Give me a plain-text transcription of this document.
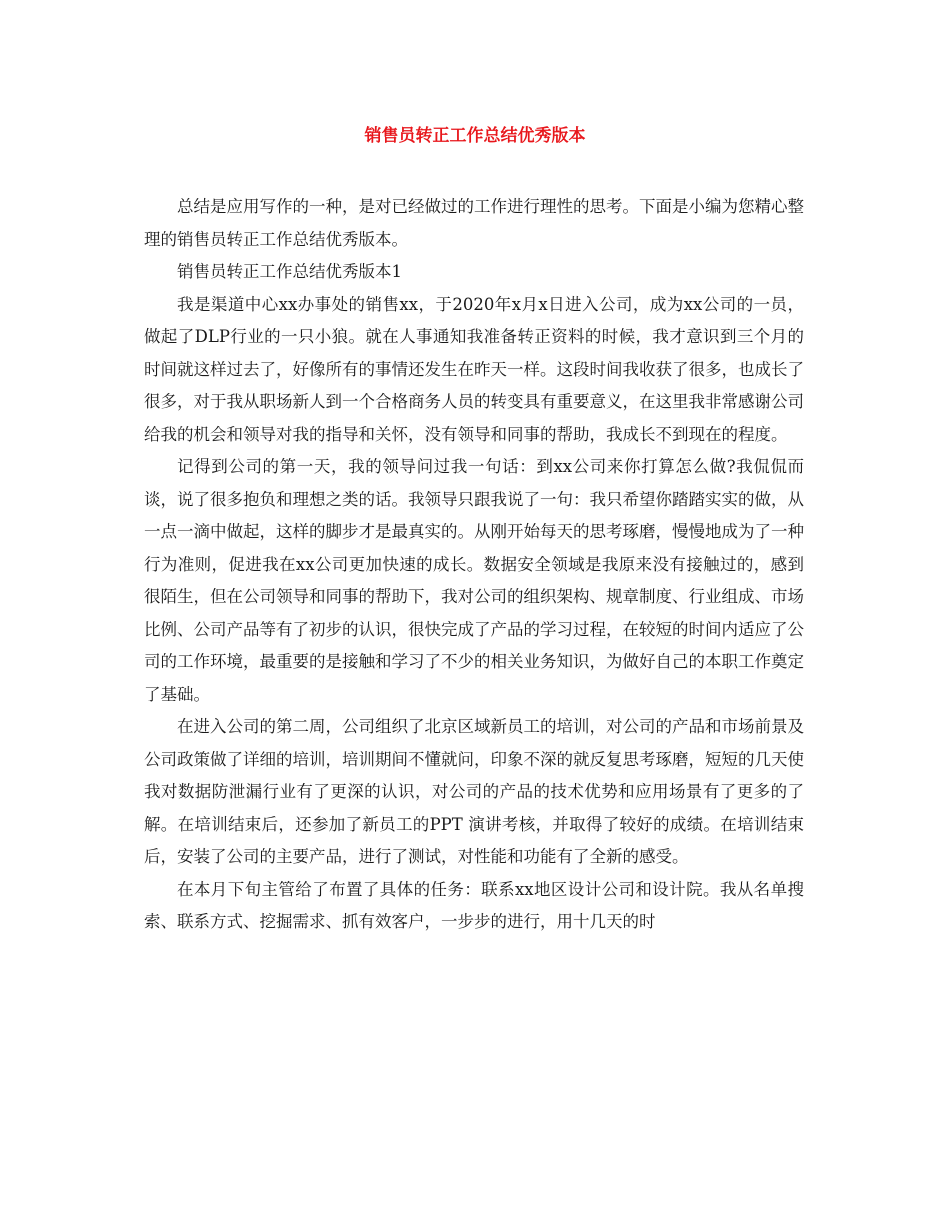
销售员转正工作总结优秀版本

总结是应用写作的一种，是对已经做过的工作进行理性的思考。下面是小编为您精心整理的销售员转正工作总结优秀版本。

销售员转正工作总结优秀版本1

我是渠道中心xx办事处的销售xx，于2020年x月x日进入公司，成为xx公司的一员，做起了DLP行业的一只小狼。就在人事通知我准备转正资料的时候，我才意识到三个月的时间就这样过去了，好像所有的事情还发生在昨天一样。这段时间我收获了很多，也成长了很多，对于我从职场新人到一个合格商务人员的转变具有重要意义，在这里我非常感谢公司给我的机会和领导对我的指导和关怀，没有领导和同事的帮助，我成长不到现在的程度。

记得到公司的第一天，我的领导问过我一句话：到xx公司来你打算怎么做?我侃侃而谈，说了很多抱负和理想之类的话。我领导只跟我说了一句：我只希望你踏踏实实的做，从一点一滴中做起，这样的脚步才是最真实的。从刚开始每天的思考琢磨，慢慢地成为了一种行为准则，促进我在xx公司更加快速的成长。数据安全领域是我原来没有接触过的，感到很陌生，但在公司领导和同事的帮助下，我对公司的组织架构、规章制度、行业组成、市场比例、公司产品等有了初步的认识，很快完成了产品的学习过程，在较短的时间内适应了公司的工作环境，最重要的是接触和学习了不少的相关业务知识，为做好自己的本职工作奠定了基础。

在进入公司的第二周，公司组织了北京区域新员工的培训，对公司的产品和市场前景及公司政策做了详细的培训，培训期间不懂就问，印象不深的就反复思考琢磨，短短的几天使我对数据防泄漏行业有了更深的认识，对公司的产品的技术优势和应用场景有了更多的了解。在培训结束后，还参加了新员工的PPT 演讲考核，并取得了较好的成绩。在培训结束后，安装了公司的主要产品，进行了测试，对性能和功能有了全新的感受。

在本月下旬主管给了布置了具体的任务：联系xx地区设计公司和设计院。我从名单搜索、联系方式、挖掘需求、抓有效客户，一步步的进行，用十几天的时
